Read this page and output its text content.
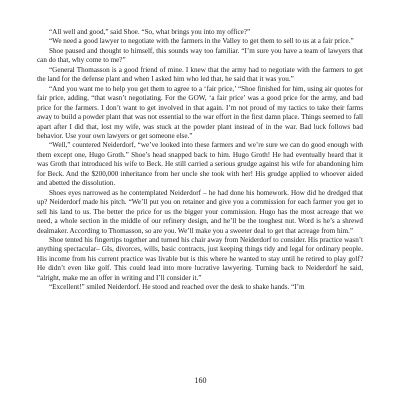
“All well and good,” said Shoe. “So, what brings you into my office?”

“We need a good lawyer to negotiate with the farmers in the Valley to get them to sell to us at a fair price.”

Shoe paused and thought to himself, this sounds way too familiar. “I’m sure you have a team of lawyers that can do that, why come to me?”

“General Thomasson is a good friend of mine. I knew that the army had to negotiate with the farmers to get the land for the defense plant and when I asked him who led that, he said that it was you.”

“And you want me to help you get them to agree to a ‘fair price,’ “Shoe finished for him, using air quotes for fair price, adding, “that wasn’t negotiating. For the GOW, ‘a fair price’ was a good price for the army, and bad price for the farmers. I don’t want to get involved in that again. I’m not proud of my tactics to take their farms away to build a powder plant that was not essential to the war effort in the first damn place. Things seemed to fall apart after I did that, lost my wife, was stuck at the powder plant instead of in the war. Bad luck follows bad behavior. Use your own lawyers or get someone else.”

“Well,” countered Neiderdorf, “we’ve looked into these farmers and we’re sure we can do good enough with them except one, Hugo Groth.” Shoe’s head snapped back to him. Hugo Groth! He had eventually heard that it was Groth that introduced his wife to Beck. He still carried a serious grudge against his wife for abandoning him for Beck. And the $200,000 inheritance from her uncle she took with her! His grudge applied to whoever aided and abetted the dissolution.

Shoes eyes narrowed as he contemplated Neiderdorf – he had done his homework. How did he dredged that up? Neiderdorf made his pitch. “We’ll put you on retainer and give you a commission for each farmer you get to sell his land to us. The better the price for us the bigger your commission. Hugo has the most acreage that we need, a whole section in the middle of our refinery design, and he’ll be the toughest nut. Word is he’s a shrewd dealmaker. According to Thomasson, so are you. We’ll make you a sweeter deal to get that acreage from him.”

Shoe tented his fingertips together and turned his chair away from Neiderdorf to consider. His practice wasn’t anything spectacular– GIs, divorces, wills, basic contracts, just keeping things tidy and legal for ordinary people. His income from his current practice was livable but is this where he wanted to stay until he retired to play golf? He didn’t even like golf. This could lead into more lucrative lawyering. Turning back to Neiderdorf he said, “alright, make me an offer in writing and I’ll consider it.”

“Excellent!” smiled Neiderdorf. He stood and reached over the desk to shake hands. “I’m

160
